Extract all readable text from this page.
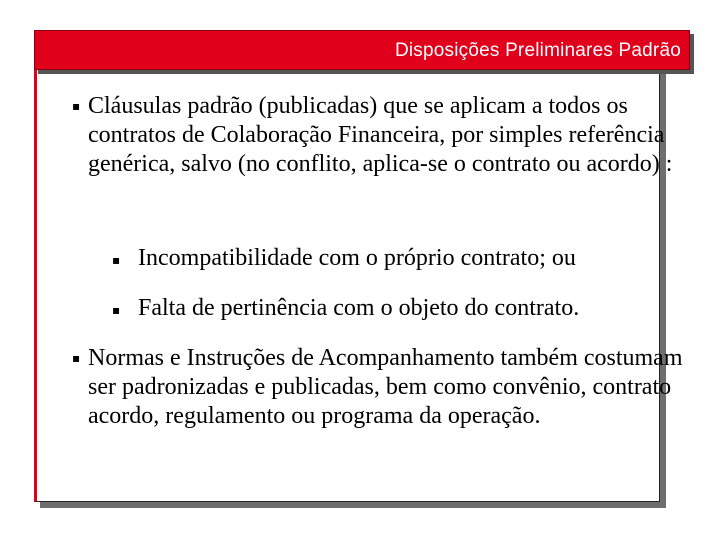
Disposições Preliminares Padrão
▪ Cláusulas padrão (publicadas) que se aplicam a todos os contratos de Colaboração Financeira, por simples referência genérica, salvo (no conflito, aplica-se o contrato ou acordo) :
▪ Incompatibilidade com o próprio contrato; ou
▪ Falta de pertinência com o objeto do contrato.
▪ Normas e Instruções de Acompanhamento também costumam ser padronizadas e publicadas, bem como convênio, contrato acordo, regulamento ou programa da operação.
